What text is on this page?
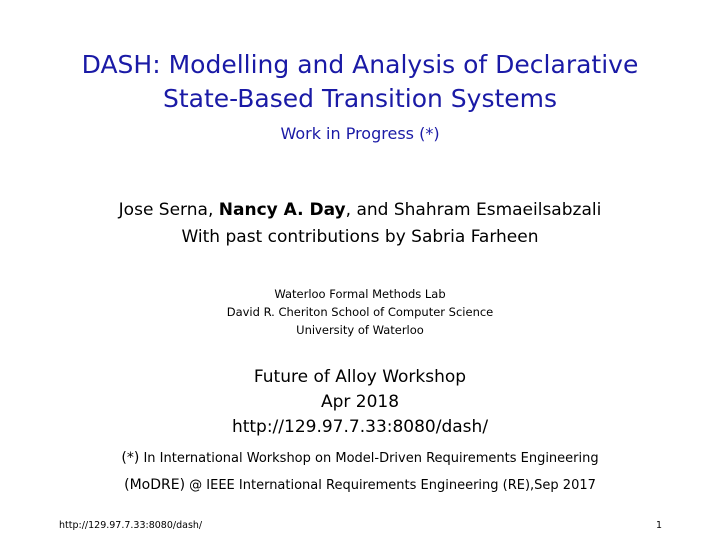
DASH: Modelling and Analysis of Declarative
State-Based Transition Systems
Work in Progress (*)
Jose Serna, Nancy A. Day, and Shahram Esmaeilsabzali
With past contributions by Sabria Farheen
Waterloo Formal Methods Lab
David R. Cheriton School of Computer Science
University of Waterloo
Future of Alloy Workshop
Apr 2018
http://129.97.7.33:8080/dash/
(*) In International Workshop on Model-Driven Requirements Engineering
(MoDRE) @ IEEE International Requirements Engineering (RE),Sep 2017
http://129.97.7.33:8080/dash/	1
